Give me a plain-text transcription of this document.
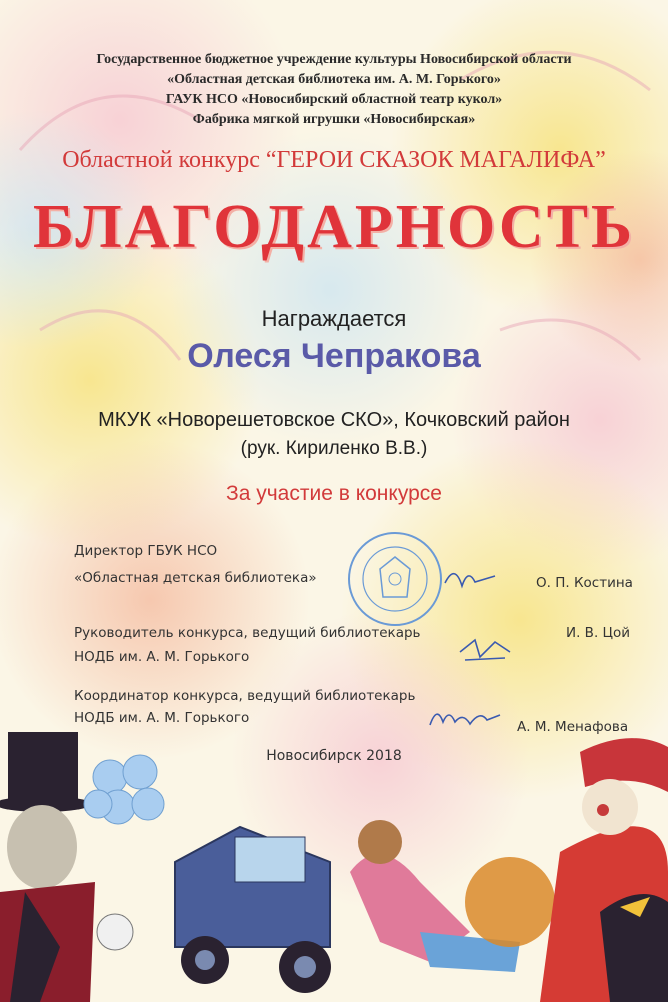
Государственное бюджетное учреждение культуры Новосибирской области
«Областная детская библиотека им. А. М. Горького»
ГАУК НСО «Новосибирский областной театр кукол»
Фабрика мягкой игрушки «Новосибирская»
Областной конкурс “ГЕРОИ СКАЗОК МАГАЛИФА”
БЛАГОДАРНОСТЬ
Награждается
Олеся Чепракова
МКУК «Новорешетовское СКО», Кочковский район
(рук. Кириленко В.В.)
За участие в конкурсе
Директор ГБУК НСО
«Областная детская библиотека»	О. П. Костина
Руководитель конкурса, ведущий библиотекарь
НОДБ им. А. М. Горького
И. В. Цой
Координатор конкурса, ведущий библиотекарь
НОДБ им. А. М. Горького
А. М. Менафова
Новосибирск 2018
